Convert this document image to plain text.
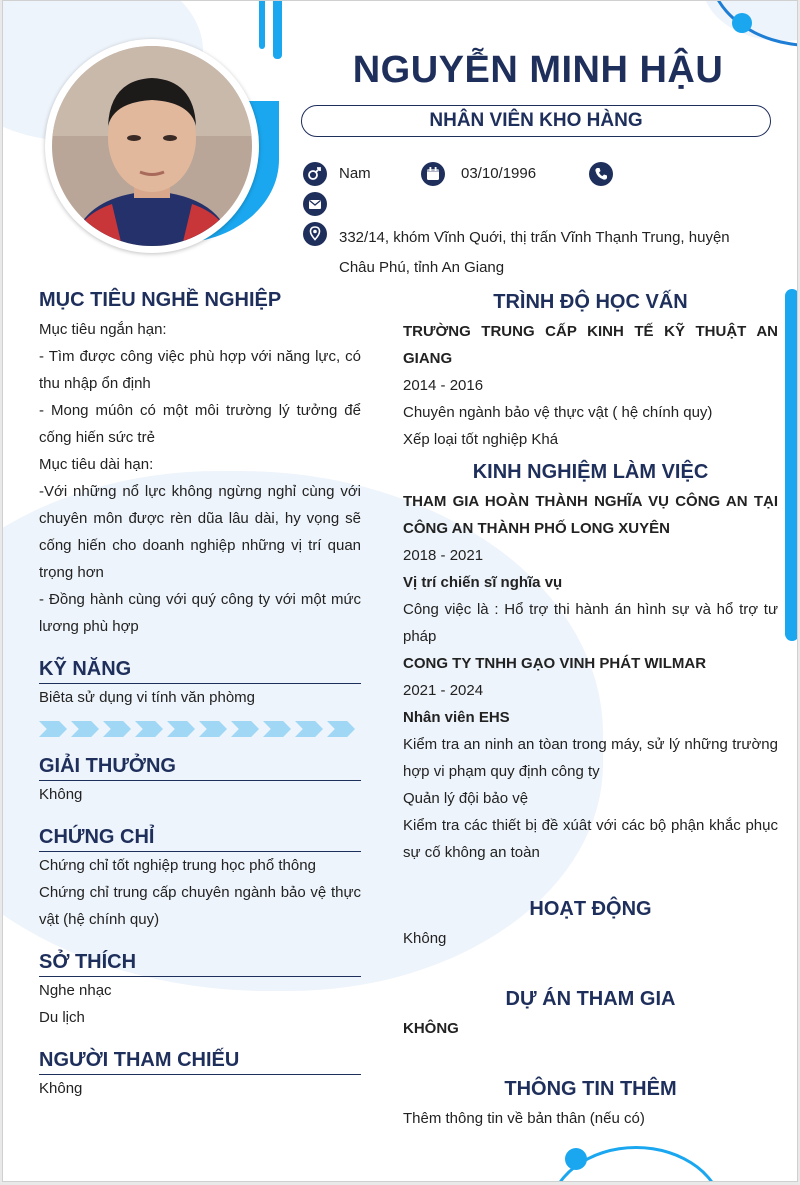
NGUYỄN MINH HẬU
NHÂN VIÊN KHO HÀNG
Nam	03/10/1996
332/14, khóm Vĩnh Quới, thị trấn Vĩnh Thạnh Trung, huyện Châu Phú, tỉnh An Giang
MỤC TIÊU NGHỀ NGHIỆP
Mục tiêu ngắn hạn:
- Tìm được công việc phù hợp với năng lực, có thu nhập ổn định
- Mong múôn có một môi trường lý tưởng để cống hiến sức trẻ
Mục tiêu dài hạn:
-Với những nổ lực không ngừng nghỉ cùng với chuyên môn được rèn dũa lâu dài, hy vọng sẽ cống hiến cho doanh nghiệp những vị trí quan trọng hơn
- Đồng hành cùng với quý công ty với một mức lương phù hợp
KỸ NĂNG
Biêta sử dụng vi tính văn phòmg
GIẢI THƯỞNG
Không
CHỨNG CHỈ
Chứng chỉ tốt nghiệp trung học phổ thông
Chứng chỉ trung cấp chuyên ngành bảo vệ thực vật (hệ chính quy)
SỞ THÍCH
Nghe nhạc
Du lịch
NGƯỜI THAM CHIẾU
Không
TRÌNH ĐỘ HỌC VẤN
TRƯỜNG TRUNG CẤP KINH TẾ KỸ THUẬT AN GIANG
2014 - 2016
Chuyên ngành bảo vệ thực vật ( hệ chính quy)
Xếp loại tốt nghiệp Khá
KINH NGHIỆM LÀM VIỆC
THAM GIA HOÀN THÀNH NGHĨA VỤ CÔNG AN TẠI CÔNG AN THÀNH PHỐ LONG XUYÊN
2018 - 2021
Vị trí chiến sĩ nghĩa vụ
Công việc là : Hổ trợ thi hành án hình sự và hổ trợ tư pháp
CONG TY TNHH GẠO VINH PHÁT WILMAR
2021 - 2024
Nhân viên EHS
Kiểm tra an ninh an tòan trong máy, sử lý những trường hợp vi phạm quy định công ty
Quản lý đội bảo vệ
Kiểm tra các thiết bị đề xúât với các bộ phận khắc phục sự cố không an toàn
HOẠT ĐỘNG
Không
DỰ ÁN THAM GIA
KHÔNG
THÔNG TIN THÊM
Thêm thông tin về bản thân (nếu có)
